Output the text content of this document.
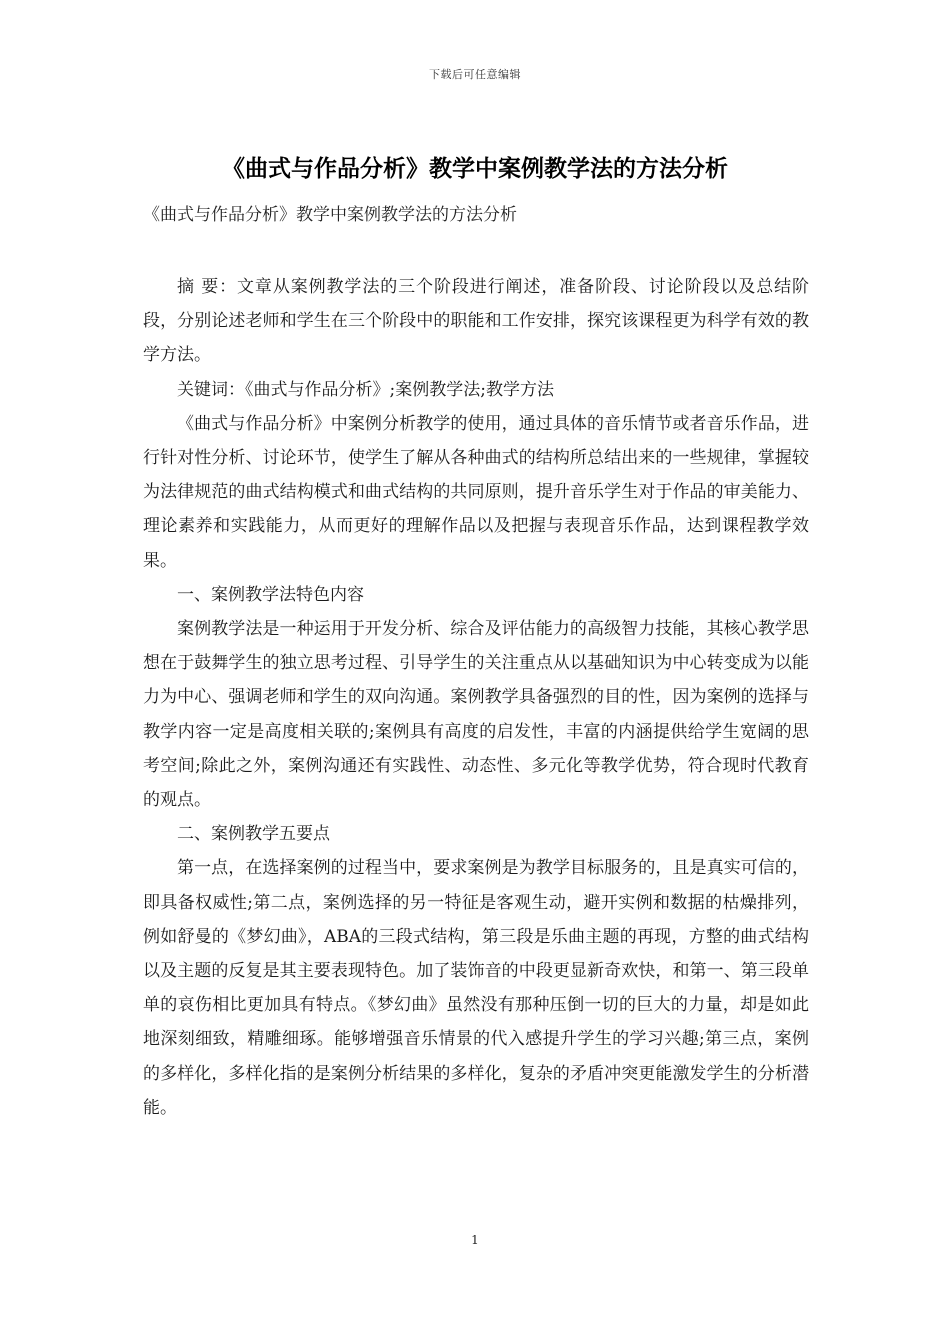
下载后可任意编辑
《曲式与作品分析》教学中案例教学法的方法分析
《曲式与作品分析》教学中案例教学法的方法分析

摘 要：文章从案例教学法的三个阶段进行阐述，准备阶段、讨论阶段以及总结阶段，分别论述老师和学生在三个阶段中的职能和工作安排，探究该课程更为科学有效的教学方法。

关键词：《曲式与作品分析》;案例教学法;教学方法

《曲式与作品分析》中案例分析教学的使用，通过具体的音乐情节或者音乐作品，进行针对性分析、讨论环节，使学生了解从各种曲式的结构所总结出来的一些规律，掌握较为法律规范的曲式结构模式和曲式结构的共同原则，提升音乐学生对于作品的审美能力、理论素养和实践能力，从而更好的理解作品以及把握与表现音乐作品，达到课程教学效果。

一、案例教学法特色内容

案例教学法是一种运用于开发分析、综合及评估能力的高级智力技能，其核心教学思想在于鼓舞学生的独立思考过程、引导学生的关注重点从以基础知识为中心转变成为以能力为中心、强调老师和学生的双向沟通。案例教学具备强烈的目的性，因为案例的选择与教学内容一定是高度相关联的;案例具有高度的启发性，丰富的内涵提供给学生宽阔的思考空间;除此之外，案例沟通还有实践性、动态性、多元化等教学优势，符合现时代教育的观点。

二、案例教学五要点

第一点，在选择案例的过程当中，要求案例是为教学目标服务的，且是真实可信的，即具备权威性;第二点，案例选择的另一特征是客观生动，避开实例和数据的枯燥排列，例如舒曼的《梦幻曲》，ABA的三段式结构，第三段是乐曲主题的再现，方整的曲式结构以及主题的反复是其主要表现特色。加了装饰音的中段更显新奇欢快，和第一、第三段单单的哀伤相比更加具有特点。《梦幻曲》虽然没有那种压倒一切的巨大的力量，却是如此地深刻细致，精雕细琢。能够增强音乐情景的代入感提升学生的学习兴趣;第三点，案例的多样化，多样化指的是案例分析结果的多样化，复杂的矛盾冲突更能激发学生的分析潜能。

1
